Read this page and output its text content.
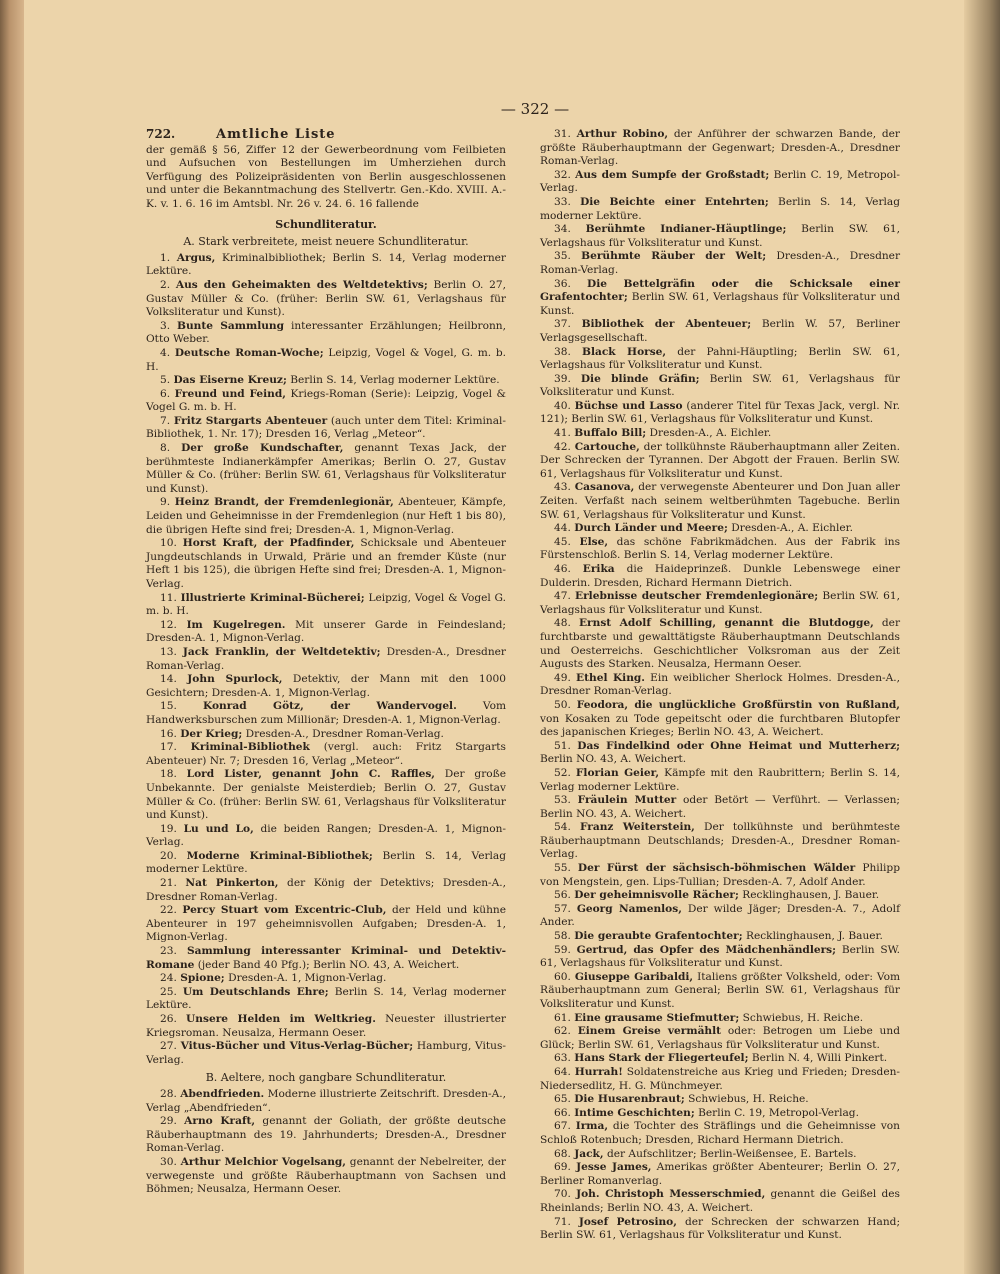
— 322 —
722.	Amtliche Liste
der gemäß § 56, Ziffer 12 der Gewerbeordnung vom Feilbieten und Aufsuchen von Bestellungen im Umherziehen durch Verfügung des Polizeipräsidenten von Berlin ausgeschlossenen und unter die Bekanntmachung des Stellvertr. Gen.-Kdo. XVIII. A.-K. v. 1. 6. 16 im Amtsbl. Nr. 26 v. 24. 6. 16 fallende
Schundliteratur.
A. Stark verbreitete, meist neuere Schundliteratur.

1. Argus, Kriminalbibliothek; Berlin S. 14, Verlag moderner Lektüre.

2. Aus den Geheimakten des Weltdetektivs; Berlin O. 27, Gustav Müller & Co. (früher: Berlin SW. 61, Verlagshaus für Volksliteratur und Kunst).

3. Bunte Sammlung interessanter Erzählungen; Heilbronn, Otto Weber.

4. Deutsche Roman-Woche; Leipzig, Vogel & Vogel, G. m. b. H.

5. Das Eiserne Kreuz; Berlin S. 14, Verlag moderner Lektüre.

6. Freund und Feind, Kriegs-Roman (Serie): Leipzig, Vogel & Vogel G. m. b. H.

7. Fritz Stargarts Abenteuer (auch unter dem Titel: Kriminal-Bibliothek, 1. Nr. 17); Dresden 16, Verlag „Meteor“.

8. Der große Kundschafter, genannt Texas Jack, der berühmteste Indianerkämpfer Amerikas; Berlin O. 27, Gustav Müller & Co. (früher: Berlin SW. 61, Verlagshaus für Volksliteratur und Kunst).

9. Heinz Brandt, der Fremdenlegionär, Abenteuer, Kämpfe, Leiden und Geheimnisse in der Fremdenlegion (nur Heft 1 bis 80), die übrigen Hefte sind frei; Dresden-A. 1, Mignon-Verlag.

10. Horst Kraft, der Pfadfinder, Schicksale und Abenteuer Jungdeutschlands in Urwald, Prärie und an fremder Küste (nur Heft 1 bis 125), die übrigen Hefte sind frei; Dresden-A. 1, Mignon-Verlag.

11. Illustrierte Kriminal-Bücherei; Leipzig, Vogel & Vogel G. m. b. H.

12. Im Kugelregen. Mit unserer Garde in Feindesland; Dresden-A. 1, Mignon-Verlag.

13. Jack Franklin, der Weltdetektiv; Dresden-A., Dresdner Roman-Verlag.

14. John Spurlock, Detektiv, der Mann mit den 1000 Gesichtern; Dresden-A. 1, Mignon-Verlag.

15. Konrad Götz, der Wandervogel. Vom Handwerksburschen zum Millionär; Dresden-A. 1, Mignon-Verlag.

16. Der Krieg; Dresden-A., Dresdner Roman-Verlag.

17. Kriminal-Bibliothek (vergl. auch: Fritz Stargarts Abenteuer) Nr. 7; Dresden 16, Verlag „Meteor“.

18. Lord Lister, genannt John C. Raffles, Der große Unbekannte. Der genialste Meisterdieb; Berlin O. 27, Gustav Müller & Co. (früher: Berlin SW. 61, Verlagshaus für Volksliteratur und Kunst).

19. Lu und Lo, die beiden Rangen; Dresden-A. 1, Mignon-Verlag.

20. Moderne Kriminal-Bibliothek; Berlin S. 14, Verlag moderner Lektüre.

21. Nat Pinkerton, der König der Detektivs; Dresden-A., Dresdner Roman-Verlag.

22. Percy Stuart vom Excentric-Club, der Held und kühne Abenteurer in 197 geheimnisvollen Aufgaben; Dresden-A. 1, Mignon-Verlag.

23. Sammlung interessanter Kriminal- und Detektiv-Romane (jeder Band 40 Pfg.); Berlin NO. 43, A. Weichert.

24. Spione; Dresden-A. 1, Mignon-Verlag.

25. Um Deutschlands Ehre; Berlin S. 14, Verlag moderner Lektüre.

26. Unsere Helden im Weltkrieg. Neuester illustrierter Kriegsroman. Neusalza, Hermann Oeser.

27. Vitus-Bücher und Vitus-Verlag-Bücher; Hamburg, Vitus-Verlag.

B. Aeltere, noch gangbare Schundliteratur.

28. Abendfrieden. Moderne illustrierte Zeitschrift. Dresden-A., Verlag „Abendfrieden“.

29. Arno Kraft, genannt der Goliath, der größte deutsche Räuberhauptmann des 19. Jahrhunderts; Dresden-A., Dresdner Roman-Verlag.

30. Arthur Melchior Vogelsang, genannt der Nebelreiter, der verwegenste und größte Räuberhauptmann von Sachsen und Böhmen; Neusalza, Hermann Oeser.

31. Arthur Robino, der Anführer der schwarzen Bande, der größte Räuberhauptmann der Gegenwart; Dresden-A., Dresdner Roman-Verlag.

32. Aus dem Sumpfe der Großstadt; Berlin C. 19, Metropol-Verlag.

33. Die Beichte einer Entehrten; Berlin S. 14, Verlag moderner Lektüre.

34. Berühmte Indianer-Häuptlinge; Berlin SW. 61, Verlagshaus für Volksliteratur und Kunst.

35. Berühmte Räuber der Welt; Dresden-A., Dresdner Roman-Verlag.

36. Die Bettelgräfin oder die Schicksale einer Grafentochter; Berlin SW. 61, Verlagshaus für Volksliteratur und Kunst.

37. Bibliothek der Abenteuer; Berlin W. 57, Berliner Verlagsgesellschaft.

38. Black Horse, der Pahni-Häuptling; Berlin SW. 61, Verlagshaus für Volksliteratur und Kunst.

39. Die blinde Gräfin; Berlin SW. 61, Verlagshaus für Volksliteratur und Kunst.

40. Büchse und Lasso (anderer Titel für Texas Jack, vergl. Nr. 121); Berlin SW. 61, Verlagshaus für Volksliteratur und Kunst.

41. Buffalo Bill; Dresden-A., A. Eichler.

42. Cartouche, der tollkühnste Räuberhauptmann aller Zeiten. Der Schrecken der Tyrannen. Der Abgott der Frauen. Berlin SW. 61, Verlagshaus für Volksliteratur und Kunst.

43. Casanova, der verwegenste Abenteurer und Don Juan aller Zeiten. Verfaßt nach seinem weltberühmten Tagebuche. Berlin SW. 61, Verlagshaus für Volksliteratur und Kunst.

44. Durch Länder und Meere; Dresden-A., A. Eichler.

45. Else, das schöne Fabrikmädchen. Aus der Fabrik ins Fürstenschloß. Berlin S. 14, Verlag moderner Lektüre.

46. Erika die Haideprinzeß. Dunkle Lebenswege einer Dulderin. Dresden, Richard Hermann Dietrich.

47. Erlebnisse deutscher Fremdenlegionäre; Berlin SW. 61, Verlagshaus für Volksliteratur und Kunst.

48. Ernst Adolf Schilling, genannt die Blutdogge, der furchtbarste und gewalttätigste Räuberhauptmann Deutschlands und Oesterreichs. Geschichtlicher Volksroman aus der Zeit Augusts des Starken. Neusalza, Hermann Oeser.

49. Ethel King. Ein weiblicher Sherlock Holmes. Dresden-A., Dresdner Roman-Verlag.

50. Feodora, die unglückliche Großfürstin von Rußland, von Kosaken zu Tode gepeitscht oder die furchtbaren Blutopfer des japanischen Krieges; Berlin NO. 43, A. Weichert.

51. Das Findelkind oder Ohne Heimat und Mutterherz; Berlin NO. 43, A. Weichert.

52. Florian Geier, Kämpfe mit den Raubrittern; Berlin S. 14, Verlag moderner Lektüre.

53. Fräulein Mutter oder Betört — Verführt. — Verlassen; Berlin NO. 43, A. Weichert.

54. Franz Weiterstein, Der tollkühnste und berühmteste Räuberhauptmann Deutschlands; Dresden-A., Dresdner Roman-Verlag.

55. Der Fürst der sächsisch-böhmischen Wälder Philipp von Mengstein, gen. Lips-Tullian; Dresden-A. 7, Adolf Ander.

56. Der geheimnisvolle Rächer; Recklinghausen, J. Bauer.

57. Georg Namenlos, Der wilde Jäger; Dresden-A. 7., Adolf Ander.

58. Die geraubte Grafentochter; Recklinghausen, J. Bauer.

59. Gertrud, das Opfer des Mädchenhändlers; Berlin SW. 61, Verlagshaus für Volksliteratur und Kunst.

60. Giuseppe Garibaldi, Italiens größter Volksheld, oder: Vom Räuberhauptmann zum General; Berlin SW. 61, Verlagshaus für Volksliteratur und Kunst.

61. Eine grausame Stiefmutter; Schwiebus, H. Reiche.

62. Einem Greise vermählt oder: Betrogen um Liebe und Glück; Berlin SW. 61, Verlagshaus für Volksliteratur und Kunst.

63. Hans Stark der Fliegerteufel; Berlin N. 4, Willi Pinkert.

64. Hurrah! Soldatenstreiche aus Krieg und Frieden; Dresden-Niedersedlitz, H. G. Münchmeyer.

65. Die Husarenbraut; Schwiebus, H. Reiche.

66. Intime Geschichten; Berlin C. 19, Metropol-Verlag.

67. Irma, die Tochter des Sträflings und die Geheimnisse von Schloß Rotenbuch; Dresden, Richard Hermann Dietrich.

68. Jack, der Aufschlitzer; Berlin-Weißensee, E. Bartels.

69. Jesse James, Amerikas größter Abenteurer; Berlin O. 27, Berliner Romanverlag.

70. Joh. Christoph Messerschmied, genannt die Geißel des Rheinlands; Berlin NO. 43, A. Weichert.

71. Josef Petrosino, der Schrecken der schwarzen Hand; Berlin SW. 61, Verlagshaus für Volksliteratur und Kunst.
